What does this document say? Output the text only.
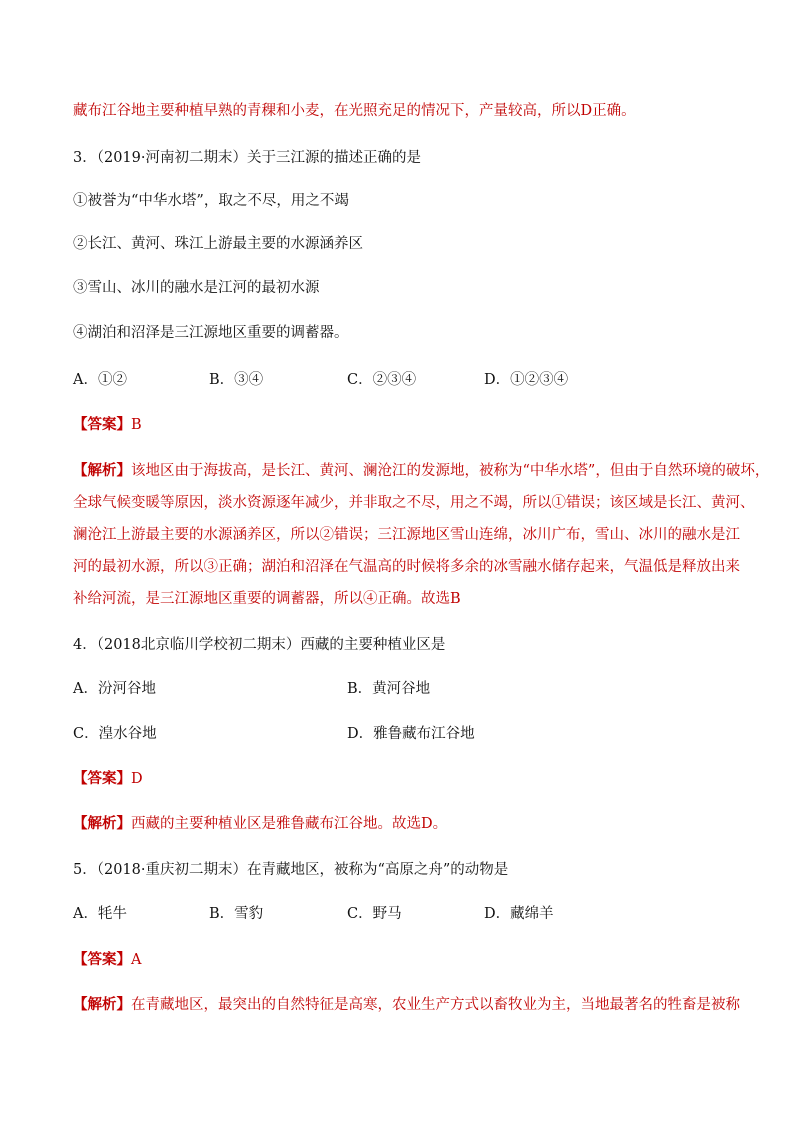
藏布江谷地主要种植早熟的青稞和小麦，在光照充足的情况下，产量较高，所以D正确。
3．（2019·河南初二期末）关于三江源的描述正确的是
①被誉为“中华水塔”，取之不尽，用之不竭
②长江、黄河、珠江上游最主要的水源涵养区
③雪山、冰川的融水是江河的最初水源
④湖泊和沼泽是三江源地区重要的调蓄器。
A．①②	B．③④	C．②③④	D．①②③④
【答案】B
【解析】该地区由于海拔高，是长江、黄河、澜沧江的发源地，被称为“中华水塔”，但由于自然环境的破坏，
全球气候变暖等原因，淡水资源逐年减少，并非取之不尽，用之不竭，所以①错误；该区域是长江、黄河、
澜沧江上游最主要的水源涵养区，所以②错误；三江源地区雪山连绵，冰川广布，雪山、冰川的融水是江
河的最初水源，所以③正确；湖泊和沼泽在气温高的时候将多余的冰雪融水储存起来，气温低是释放出来
补给河流，是三江源地区重要的调蓄器，所以④正确。故选B
4．（2018北京临川学校初二期末）西藏的主要种植业区是
A．汾河谷地	B．黄河谷地
C．湟水谷地	D．雅鲁藏布江谷地
【答案】D
【解析】西藏的主要种植业区是雅鲁藏布江谷地。故选D。
5．（2018·重庆初二期末）在青藏地区，被称为“高原之舟”的动物是
A．牦牛	B．雪豹	C．野马	D．藏绵羊
【答案】A
【解析】在青藏地区，最突出的自然特征是高寒，农业生产方式以畜牧业为主，当地最著名的牲畜是被称
